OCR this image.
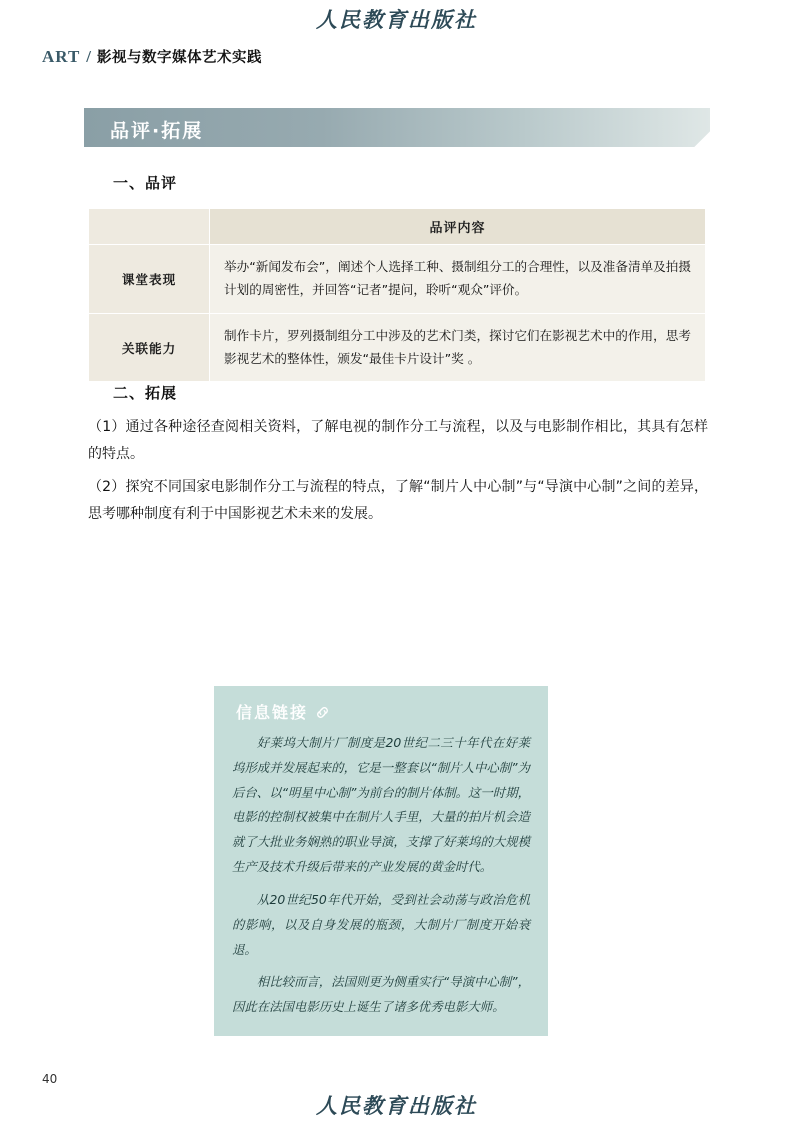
人民教育出版社
ART / 影视与数字媒体艺术实践
品评·拓展
一、品评
	品评内容
课堂表现	举办“新闻发布会”，阐述个人选择工种、摄制组分工的合理性，以及准备清单及拍摄计划的周密性，并回答“记者”提问，聆听“观众”评价。
关联能力	制作卡片，罗列摄制组分工中涉及的艺术门类，探讨它们在影视艺术中的作用，思考影视艺术的整体性，颁发“最佳卡片设计”奖 。
二、拓展
（1）通过各种途径查阅相关资料，了解电视的制作分工与流程，以及与电影制作相比，其具有怎样的特点。
（2）探究不同国家电影制作分工与流程的特点，了解“制片人中心制”与“导演中心制”之间的差异，思考哪种制度有利于中国影视艺术未来的发展。
信息链接

好莱坞大制片厂制度是20世纪二三十年代在好莱坞形成并发展起来的，它是一整套以“制片人中心制”为后台、以“明星中心制”为前台的制片体制。这一时期，电影的控制权被集中在制片人手里，大量的拍片机会造就了大批业务娴熟的职业导演，支撑了好莱坞的大规模生产及技术升级后带来的产业发展的黄金时代。

从20世纪50年代开始，受到社会动荡与政治危机的影响，以及自身发展的瓶颈，大制片厂制度开始衰退。

相比较而言，法国则更为侧重实行“导演中心制”，因此在法国电影历史上诞生了诸多优秀电影大师。

40
人民教育出版社
